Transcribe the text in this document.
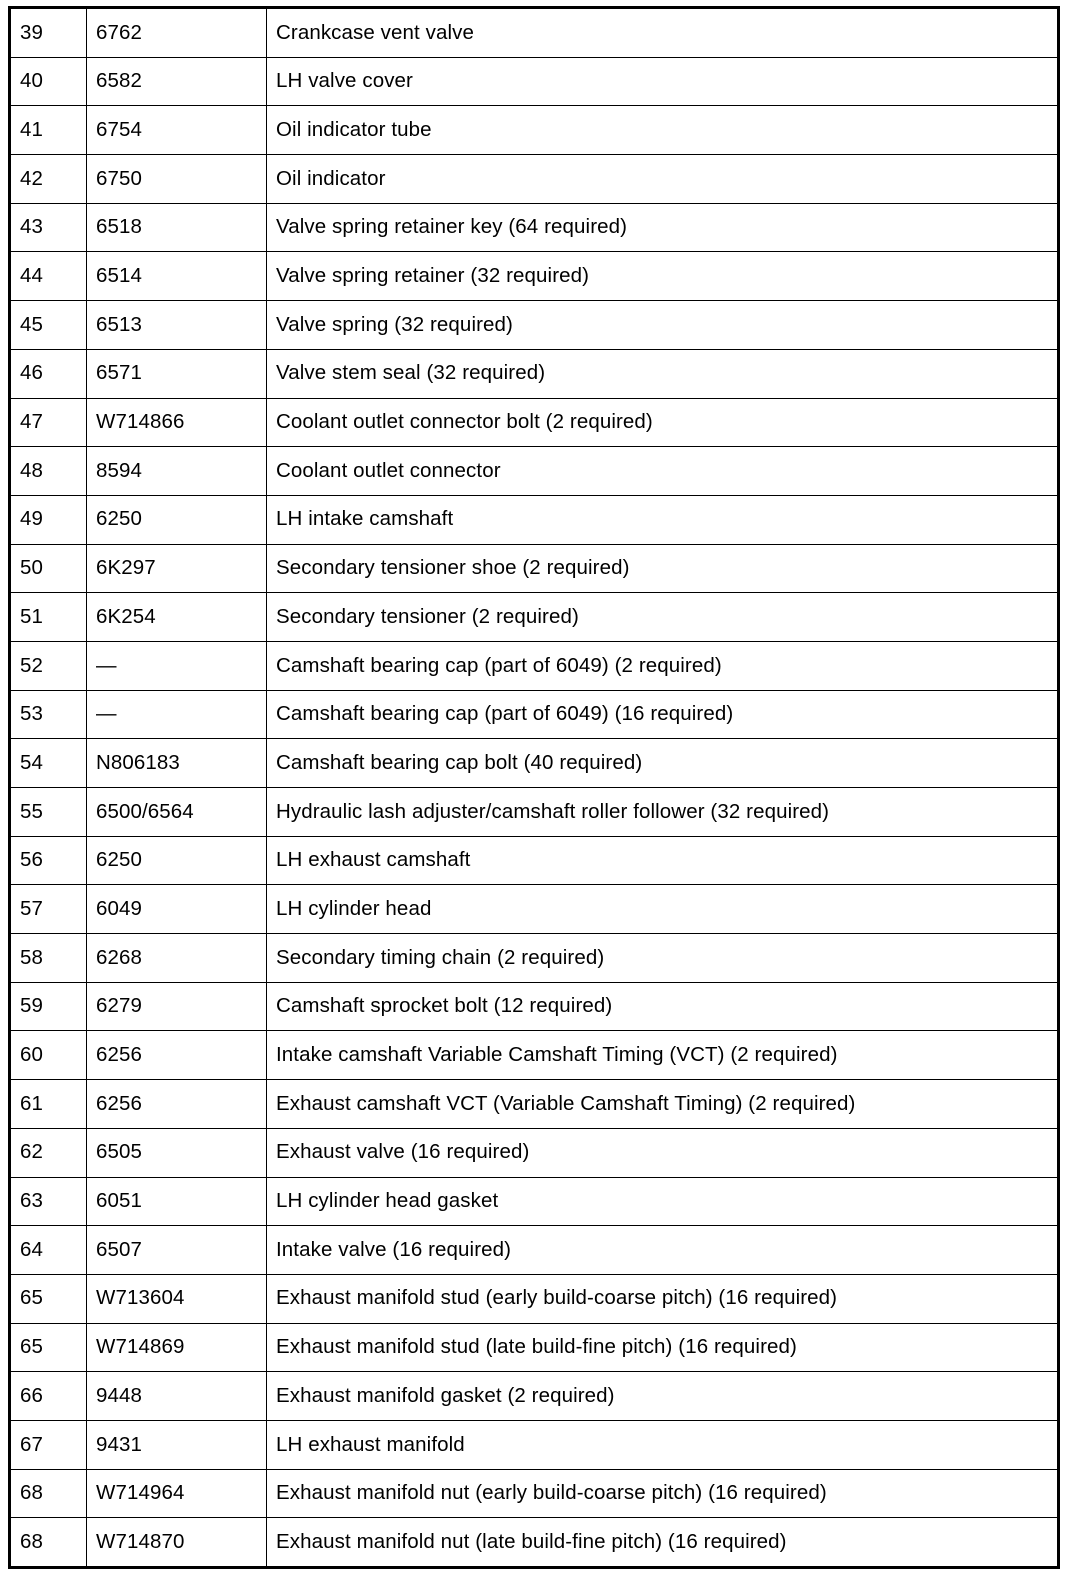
39	6762	Crankcase vent valve
40	6582	LH valve cover
41	6754	Oil indicator tube
42	6750	Oil indicator
43	6518	Valve spring retainer key (64 required)
44	6514	Valve spring retainer (32 required)
45	6513	Valve spring (32 required)
46	6571	Valve stem seal (32 required)
47	W714866	Coolant outlet connector bolt (2 required)
48	8594	Coolant outlet connector
49	6250	LH intake camshaft
50	6K297	Secondary tensioner shoe (2 required)
51	6K254	Secondary tensioner (2 required)
52	—	Camshaft bearing cap (part of 6049) (2 required)
53	—	Camshaft bearing cap (part of 6049) (16 required)
54	N806183	Camshaft bearing cap bolt (40 required)
55	6500/6564	Hydraulic lash adjuster/camshaft roller follower (32 required)
56	6250	LH exhaust camshaft
57	6049	LH cylinder head
58	6268	Secondary timing chain (2 required)
59	6279	Camshaft sprocket bolt (12 required)
60	6256	Intake camshaft Variable Camshaft Timing (VCT) (2 required)
61	6256	Exhaust camshaft VCT (Variable Camshaft Timing) (2 required)
62	6505	Exhaust valve (16 required)
63	6051	LH cylinder head gasket
64	6507	Intake valve (16 required)
65	W713604	Exhaust manifold stud (early build-coarse pitch) (16 required)
65	W714869	Exhaust manifold stud (late build-fine pitch) (16 required)
66	9448	Exhaust manifold gasket (2 required)
67	9431	LH exhaust manifold
68	W714964	Exhaust manifold nut (early build-coarse pitch) (16 required)
68	W714870	Exhaust manifold nut (late build-fine pitch) (16 required)
